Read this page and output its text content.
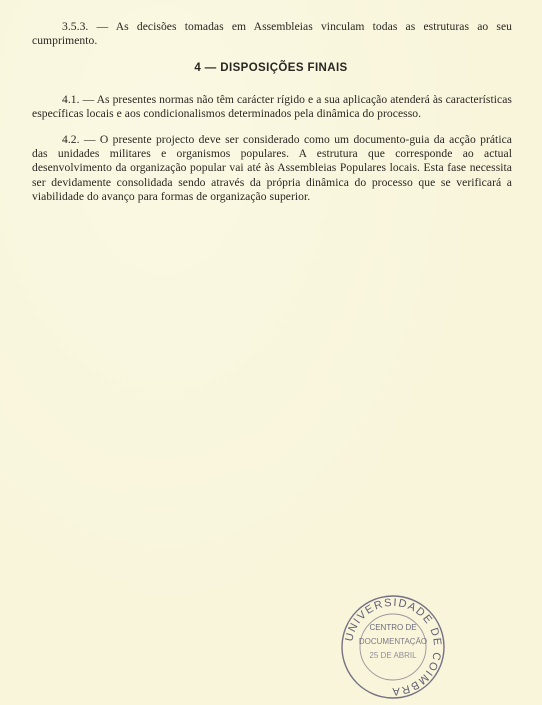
3.5.3. — As decisões tomadas em Assembleias vinculam todas as estruturas ao seu cumprimento.

4 — DISPOSIÇÕES FINAIS

4.1. — As presentes normas não têm carácter rígido e a sua aplicação atenderá às características específicas locais e aos condicionalismos determinados pela dinâmica do processo.

4.2. — O presente projecto deve ser considerado como um documento-guia da acção prática das unidades militares e organismos populares. A estrutura que corresponde ao actual desenvolvimento da organização popular vai até às Assembleias Populares locais. Esta fase necessita ser devidamente consolidada sendo através da própria dinâmica do processo que se verificará a viabilidade do avanço para formas de organização superior.

UNIVERSIDADE DE COIMBRA
CENTRO DE
DOCUMENTAÇÃO
25 DE ABRIL
